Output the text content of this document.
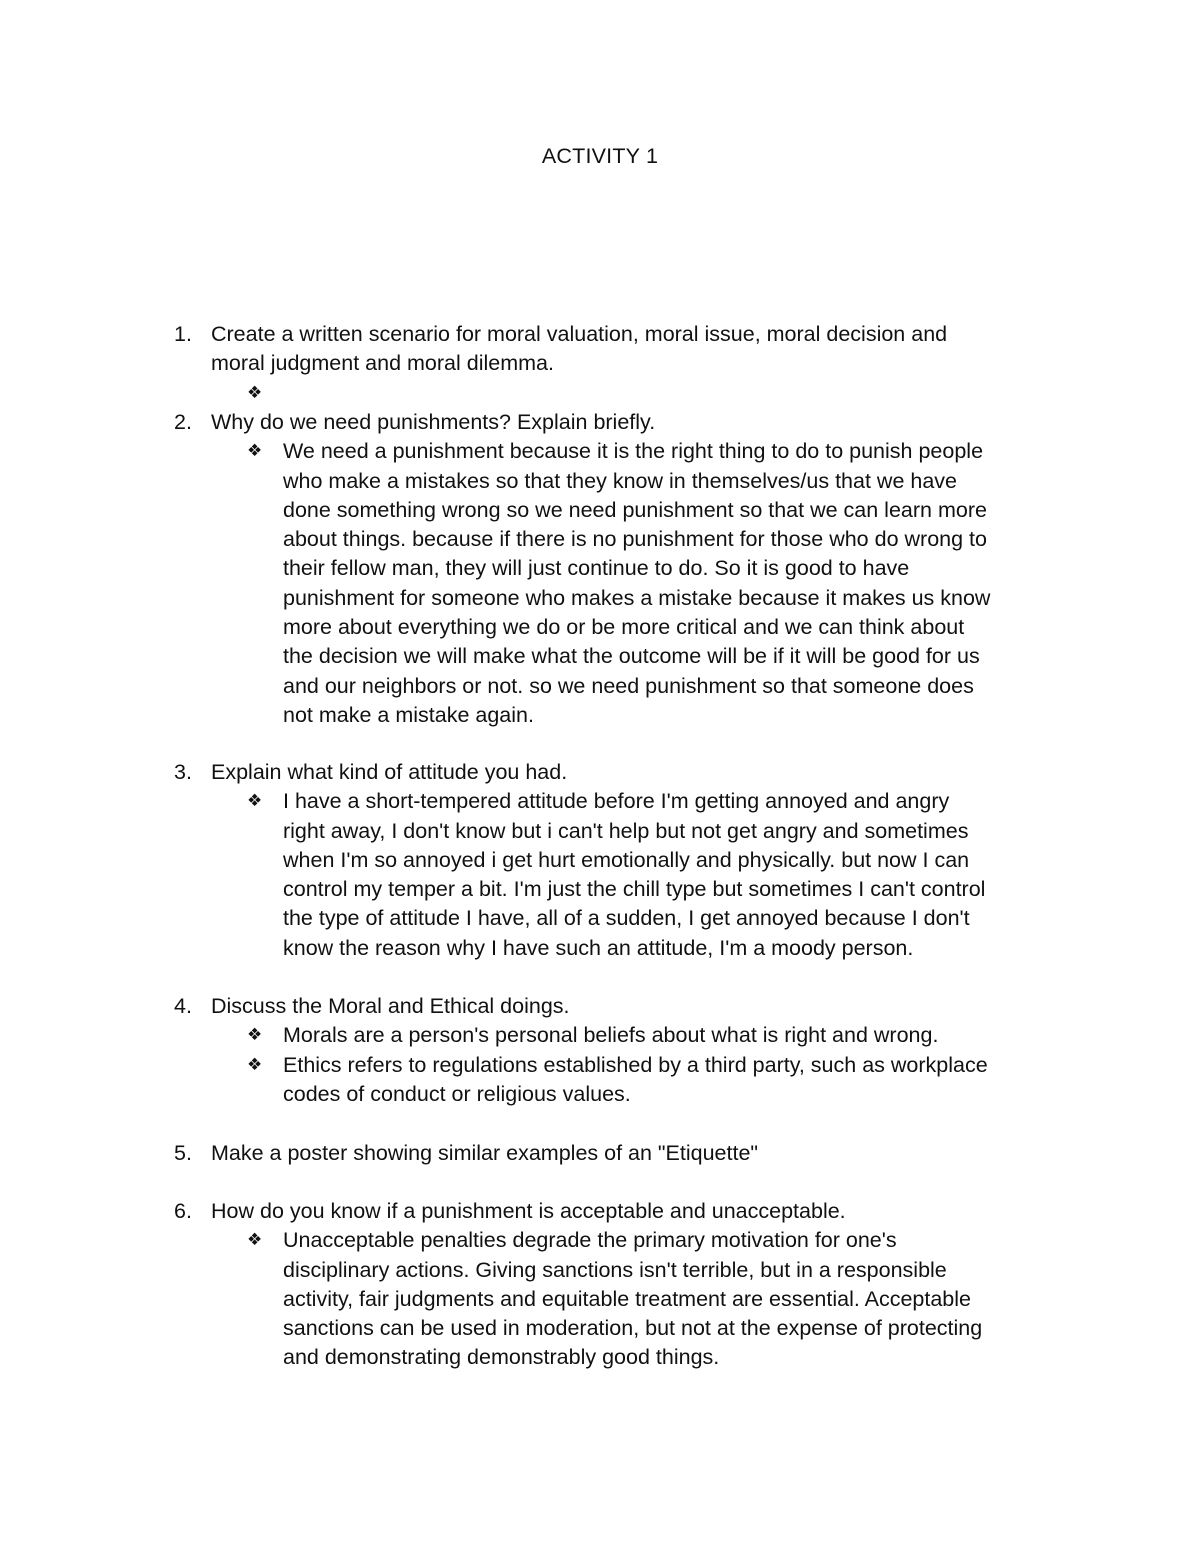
ACTIVITY 1
1. Create a written scenario for moral valuation, moral issue, moral decision and
moral judgment and moral dilemma.
❖
2. Why do we need punishments? Explain briefly.
❖ We need a punishment because it is the right thing to do to punish people
who make a mistakes so that they know in themselves/us that we have
done something wrong so we need punishment so that we can learn more
about things. because if there is no punishment for those who do wrong to
their fellow man, they will just continue to do. So it is good to have
punishment for someone who makes a mistake because it makes us know
more about everything we do or be more critical and we can think about
the decision we will make what the outcome will be if it will be good for us
and our neighbors or not. so we need punishment so that someone does
not make a mistake again.
3. Explain what kind of attitude you had.
❖ I have a short-tempered attitude before I'm getting annoyed and angry
right away, I don't know but i can't help but not get angry and sometimes
when I'm so annoyed i get hurt emotionally and physically. but now I can
control my temper a bit. I'm just the chill type but sometimes I can't control
the type of attitude I have, all of a sudden, I get annoyed because I don't
know the reason why I have such an attitude, I'm a moody person.
4. Discuss the Moral and Ethical doings.
❖ Morals are a person's personal beliefs about what is right and wrong.
❖ Ethics refers to regulations established by a third party, such as workplace
codes of conduct or religious values.
5. Make a poster showing similar examples of an "Etiquette"
6. How do you know if a punishment is acceptable and unacceptable.
❖ Unacceptable penalties degrade the primary motivation for one's
disciplinary actions. Giving sanctions isn't terrible, but in a responsible
activity, fair judgments and equitable treatment are essential. Acceptable
sanctions can be used in moderation, but not at the expense of protecting
and demonstrating demonstrably good things.
